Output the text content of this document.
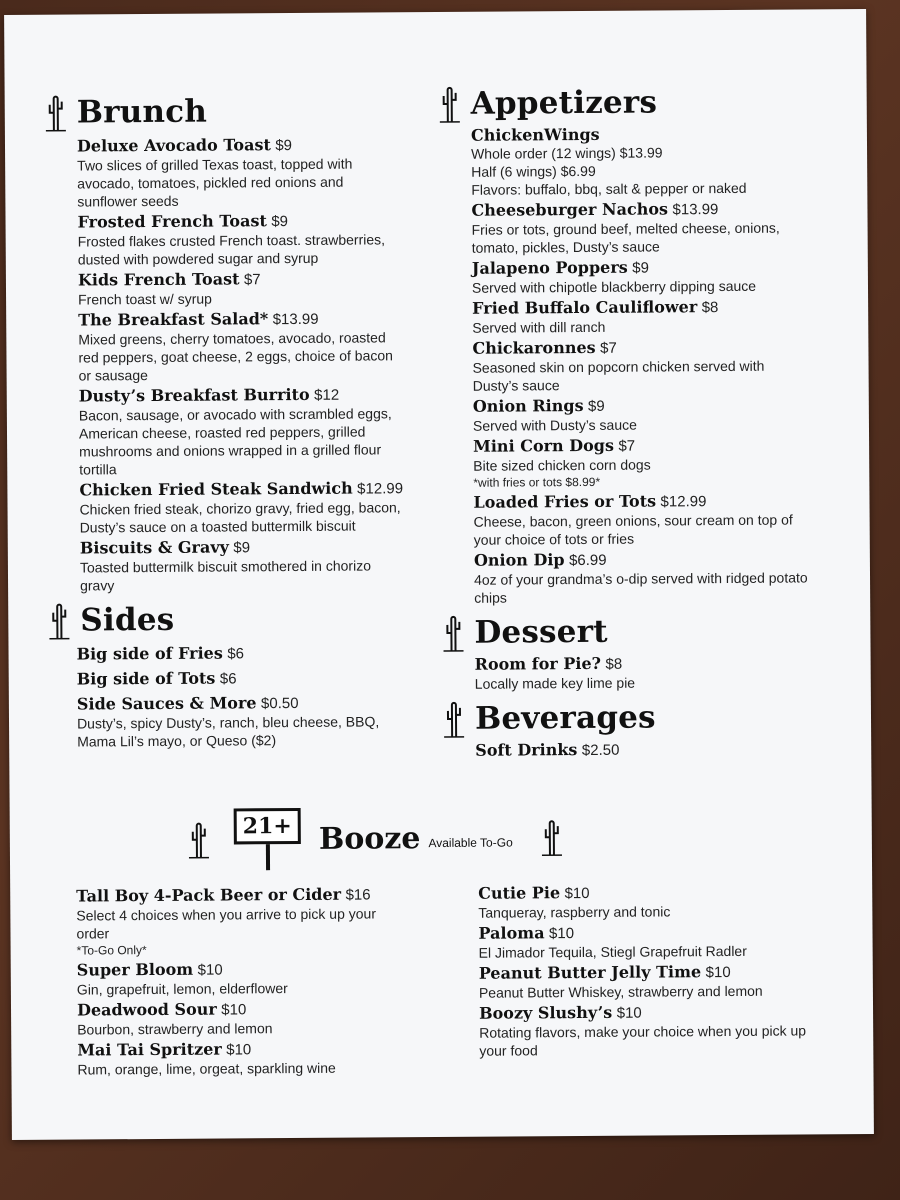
Brunch
Deluxe Avocado Toast $9
Two slices of grilled Texas toast, topped with avocado, tomatoes, pickled red onions and sunflower seeds
Frosted French Toast $9
Frosted flakes crusted French toast. strawberries, dusted with powdered sugar and syrup
Kids French Toast $7
French toast w/ syrup
The Breakfast Salad* $13.99
Mixed greens, cherry tomatoes, avocado, roasted red peppers, goat cheese, 2 eggs, choice of bacon or sausage
Dusty’s Breakfast Burrito $12
Bacon, sausage, or avocado with scrambled eggs, American cheese, roasted red peppers, grilled mushrooms and onions wrapped in a grilled flour tortilla
Chicken Fried Steak Sandwich $12.99
Chicken fried steak, chorizo gravy, fried egg, bacon, Dusty’s sauce on a toasted buttermilk biscuit
Biscuits & Gravy $9
Toasted buttermilk biscuit smothered in chorizo gravy
Sides
Big side of Fries $6
Big side of Tots $6
Side Sauces & More $0.50
Dusty’s, spicy Dusty’s, ranch, bleu cheese, BBQ, Mama Lil’s mayo, or Queso ($2)
Appetizers
ChickenWings
Whole order (12 wings) $13.99
Half (6 wings) $6.99
Flavors: buffalo, bbq, salt & pepper or naked
Cheeseburger Nachos $13.99
Fries or tots, ground beef, melted cheese, onions, tomato, pickles, Dusty’s sauce
Jalapeno Poppers $9
Served with chipotle blackberry dipping sauce
Fried Buffalo Cauliflower $8
Served with dill ranch
Chickaronnes $7
Seasoned skin on popcorn chicken served with Dusty’s sauce
Onion Rings $9
Served with Dusty’s sauce
Mini Corn Dogs $7
Bite sized chicken corn dogs
*with fries or tots $8.99*
Loaded Fries or Tots $12.99
Cheese, bacon, green onions, sour cream on top of your choice of tots or fries
Onion Dip $6.99
4oz of your grandma’s o-dip served with ridged potato chips
Dessert
Room for Pie? $8
Locally made key lime pie
Beverages
Soft Drinks $2.50
21+ Booze Available To-Go
Tall Boy 4-Pack Beer or Cider $16
Select 4 choices when you arrive to pick up your order
*To-Go Only*
Super Bloom $10
Gin, grapefruit, lemon, elderflower
Deadwood Sour $10
Bourbon, strawberry and lemon
Mai Tai Spritzer $10
Rum, orange, lime, orgeat, sparkling wine
Cutie Pie $10
Tanqueray, raspberry and tonic
Paloma $10
El Jimador Tequila, Stiegl Grapefruit Radler
Peanut Butter Jelly Time $10
Peanut Butter Whiskey, strawberry and lemon
Boozy Slushy’s $10
Rotating flavors, make your choice when you pick up your food
